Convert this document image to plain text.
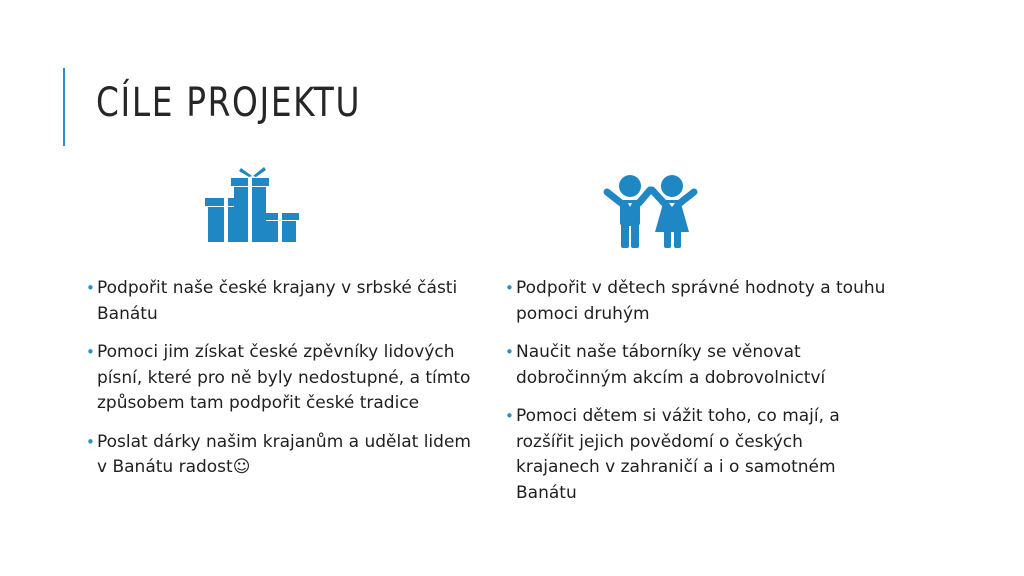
CÍLE PROJEKTU
• Podpořit naše české krajany v srbské části Banátu
• Pomoci jim získat české zpěvníky lidových písní, které pro ně byly nedostupné, a tímto způsobem tam podpořit české tradice
• Poslat dárky našim krajanům a udělat lidem v Banátu radost☺
• Podpořit v dětech správné hodnoty a touhu pomoci druhým
• Naučit naše táborníky se věnovat dobročinným akcím a dobrovolnictví
• Pomoci dětem si vážit toho, co mají, a rozšířit jejich povědomí o českých krajanech v zahraničí a i o samotném Banátu
